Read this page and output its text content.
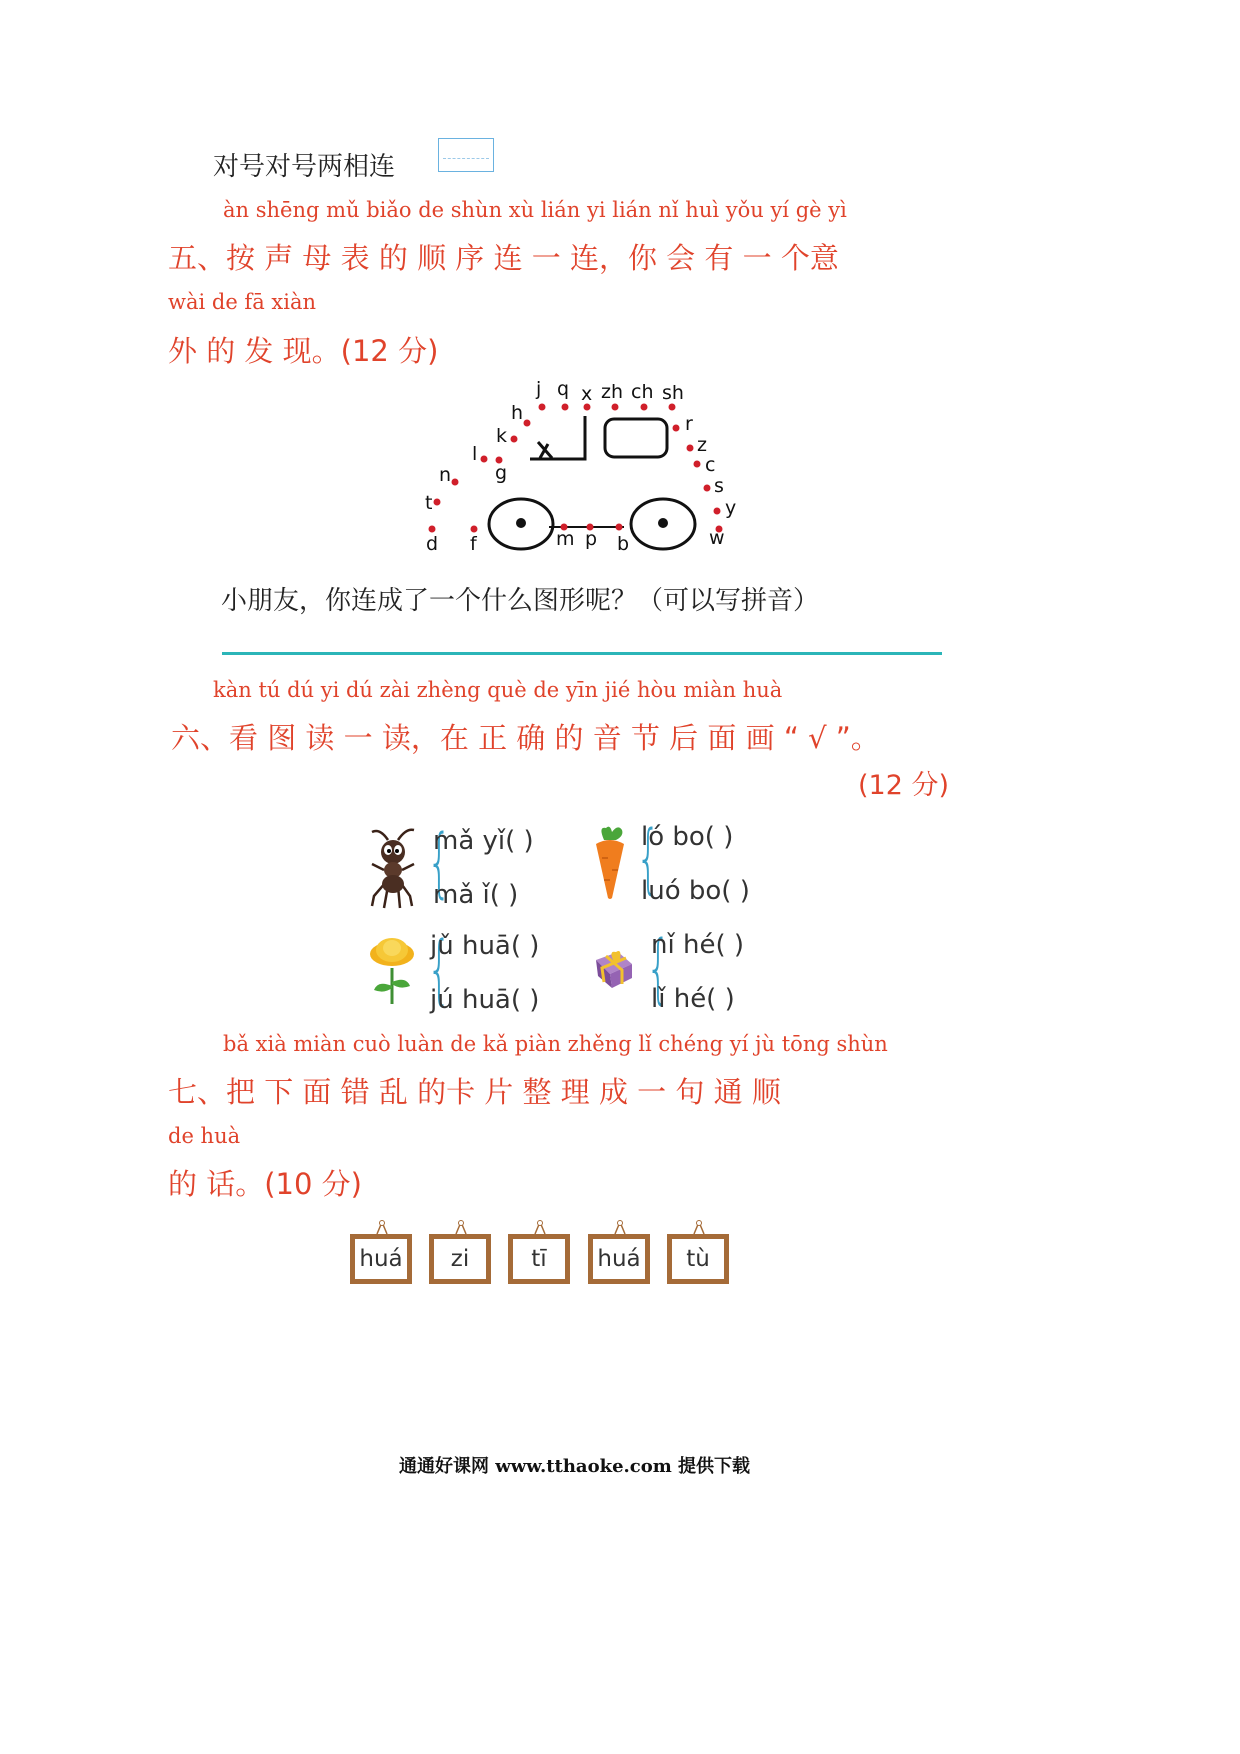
对号对号两相连
àn shēng mǔ biǎo de shùn xù lián yi lián nǐ huì yǒu yí gè yì
五、按 声 母 表 的 顺 序 连 一 连，你 会 有 一 个意
wài de fā xiàn
外 的 发 现。(12 分)
j q x zh ch sh
h	r
k	z
l
g	c
n	s
t	y
d f	m p b	w
小朋友，你连成了一个什么图形呢？（可以写拼音）
kàn tú dú yi dú zài zhèng què de yīn jié hòu miàn huà
六、看 图 读 一 读，在 正 确 的 音 节 后 面 画 “ √ ”。
(12 分)
{
mǎ yǐ( )
mǎ ǐ( ) {
ló bo( )
luó bo( )
{
jǔ huā( )
jú huā( ) {
nǐ hé( )
lǐ hé( )
bǎ xià miàn cuò luàn de kǎ piàn zhěng lǐ chéng yí jù tōng shùn
七、把 下 面 错 乱 的卡 片 整 理 成 一 句 通 顺
de huà
的 话。(10 分)
huá	zi	tī	huá	tù
通通好课网 www.tthaoke.com 提供下载
